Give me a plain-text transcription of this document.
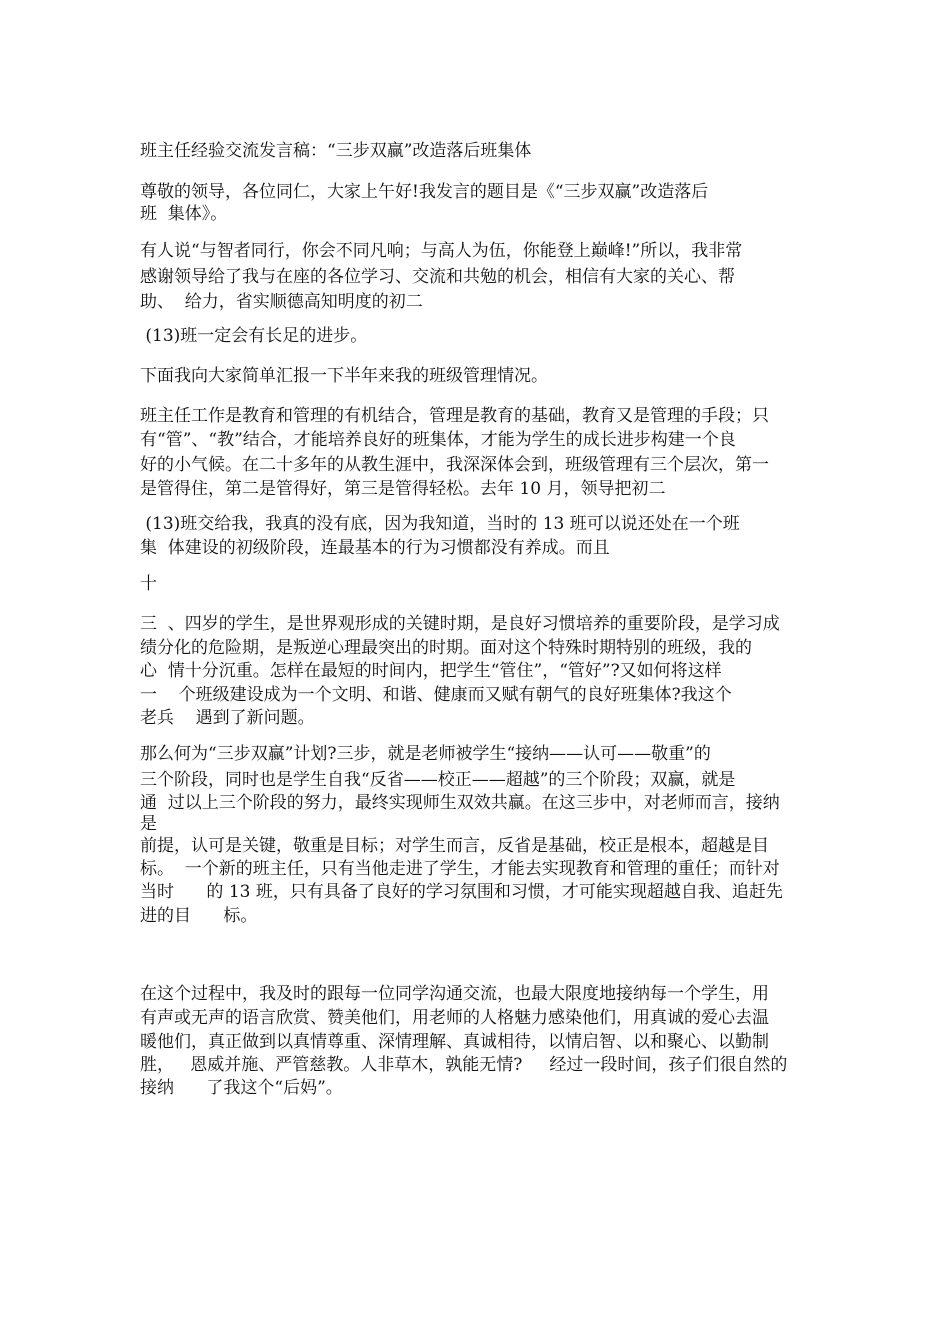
班主任经验交流发言稿：“三步双赢”改造落后班集体
尊敬的领导，各位同仁，大家上午好!我发言的题目是《“三步双赢”改造落后
班  集体》。
有人说“与智者同行，你会不同凡响；与高人为伍，你能登上巅峰!”所以，我非常
感谢领导给了我与在座的各位学习、交流和共勉的机会，相信有大家的关心、帮
助、  给力，省实顺德高知明度的初二
(13)班一定会有长足的进步。
下面我向大家简单汇报一下半年来我的班级管理情况。
班主任工作是教育和管理的有机结合，管理是教育的基础，教育又是管理的手段；只
有“管”、“教”结合，才能培养良好的班集体，才能为学生的成长进步构建一个良
好的小气候。在二十多年的从教生涯中，我深深体会到，班级管理有三个层次，第一
是管得住，第二是管得好，第三是管得轻松。去年 10 月，领导把初二
(13)班交给我，我真的没有底，因为我知道，当时的 13 班可以说还处在一个班
集  体建设的初级阶段，连最基本的行为习惯都没有养成。而且
十
三  、四岁的学生，是世界观形成的关键时期，是良好习惯培养的重要阶段，是学习成
绩分化的危险期，是叛逆心理最突出的时期。面对这个特殊时期特别的班级，我的
心  情十分沉重。怎样在最短的时间内，把学生“管住”，“管好”?又如何将这样
一    个班级建设成为一个文明、和谐、健康而又赋有朝气的良好班集体?我这个
老兵    遇到了新问题。
那么何为“三步双赢”计划?三步，就是老师被学生“接纳——认可——敬重”的
三个阶段，同时也是学生自我“反省——校正——超越”的三个阶段；双赢，就是
通  过以上三个阶段的努力，最终实现师生双效共赢。在这三步中，对老师而言，接纳
是
前提，认可是关键，敬重是目标；对学生而言，反省是基础，校正是根本，超越是目
标。  一个新的班主任，只有当他走进了学生，才能去实现教育和管理的重任；而针对
当时      的 13 班，只有具备了良好的学习氛围和习惯，才可能实现超越自我、追赶先
进的目      标。
在这个过程中，我及时的跟每一位同学沟通交流，也最大限度地接纳每一个学生，用
有声或无声的语言欣赏、赞美他们，用老师的人格魅力感染他们，用真诚的爱心去温
暖他们，真正做到以真情尊重、深情理解、真诚相待，以情启智、以和聚心、以勤制
胜，   恩威并施、严管慈教。人非草木，孰能无情?     经过一段时间，孩子们很自然的
接纳      了我这个“后妈”。
